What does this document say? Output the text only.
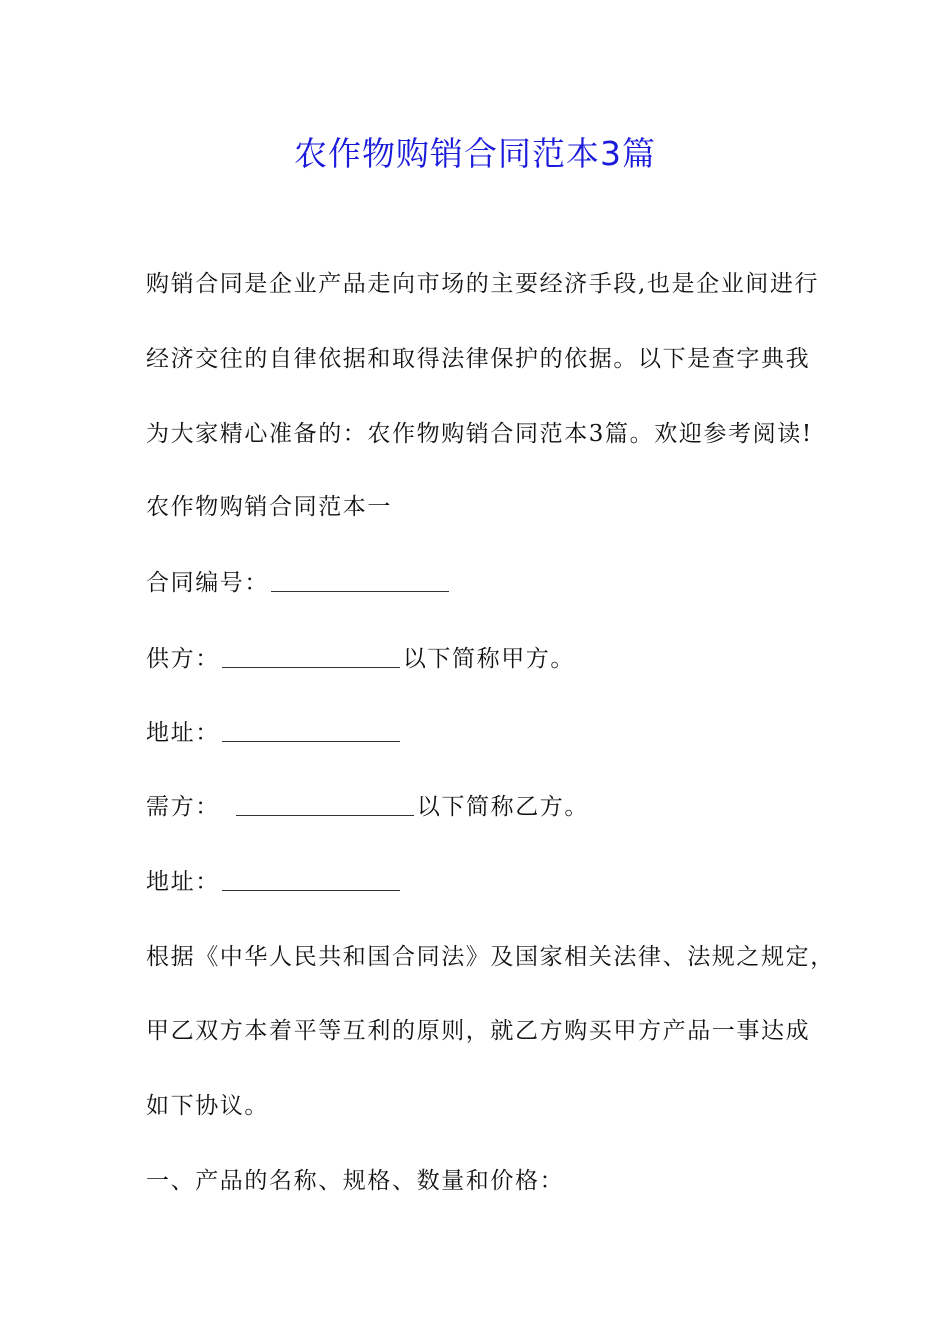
农作物购销合同范本3篇
购销合同是企业产品走向市场的主要经济手段,也是企业间进行
经济交往的自律依据和取得法律保护的依据。以下是查字典我
为大家精心准备的：农作物购销合同范本3篇。欢迎参考阅读!
农作物购销合同范本一
合同编号：
供方：	以下简称甲方。
地址：
需方：	以下简称乙方。
地址：
根据《中华人民共和国合同法》及国家相关法律、法规之规定，
甲乙双方本着平等互利的原则，就乙方购买甲方产品一事达成
如下协议。
一、产品的名称、规格、数量和价格：
